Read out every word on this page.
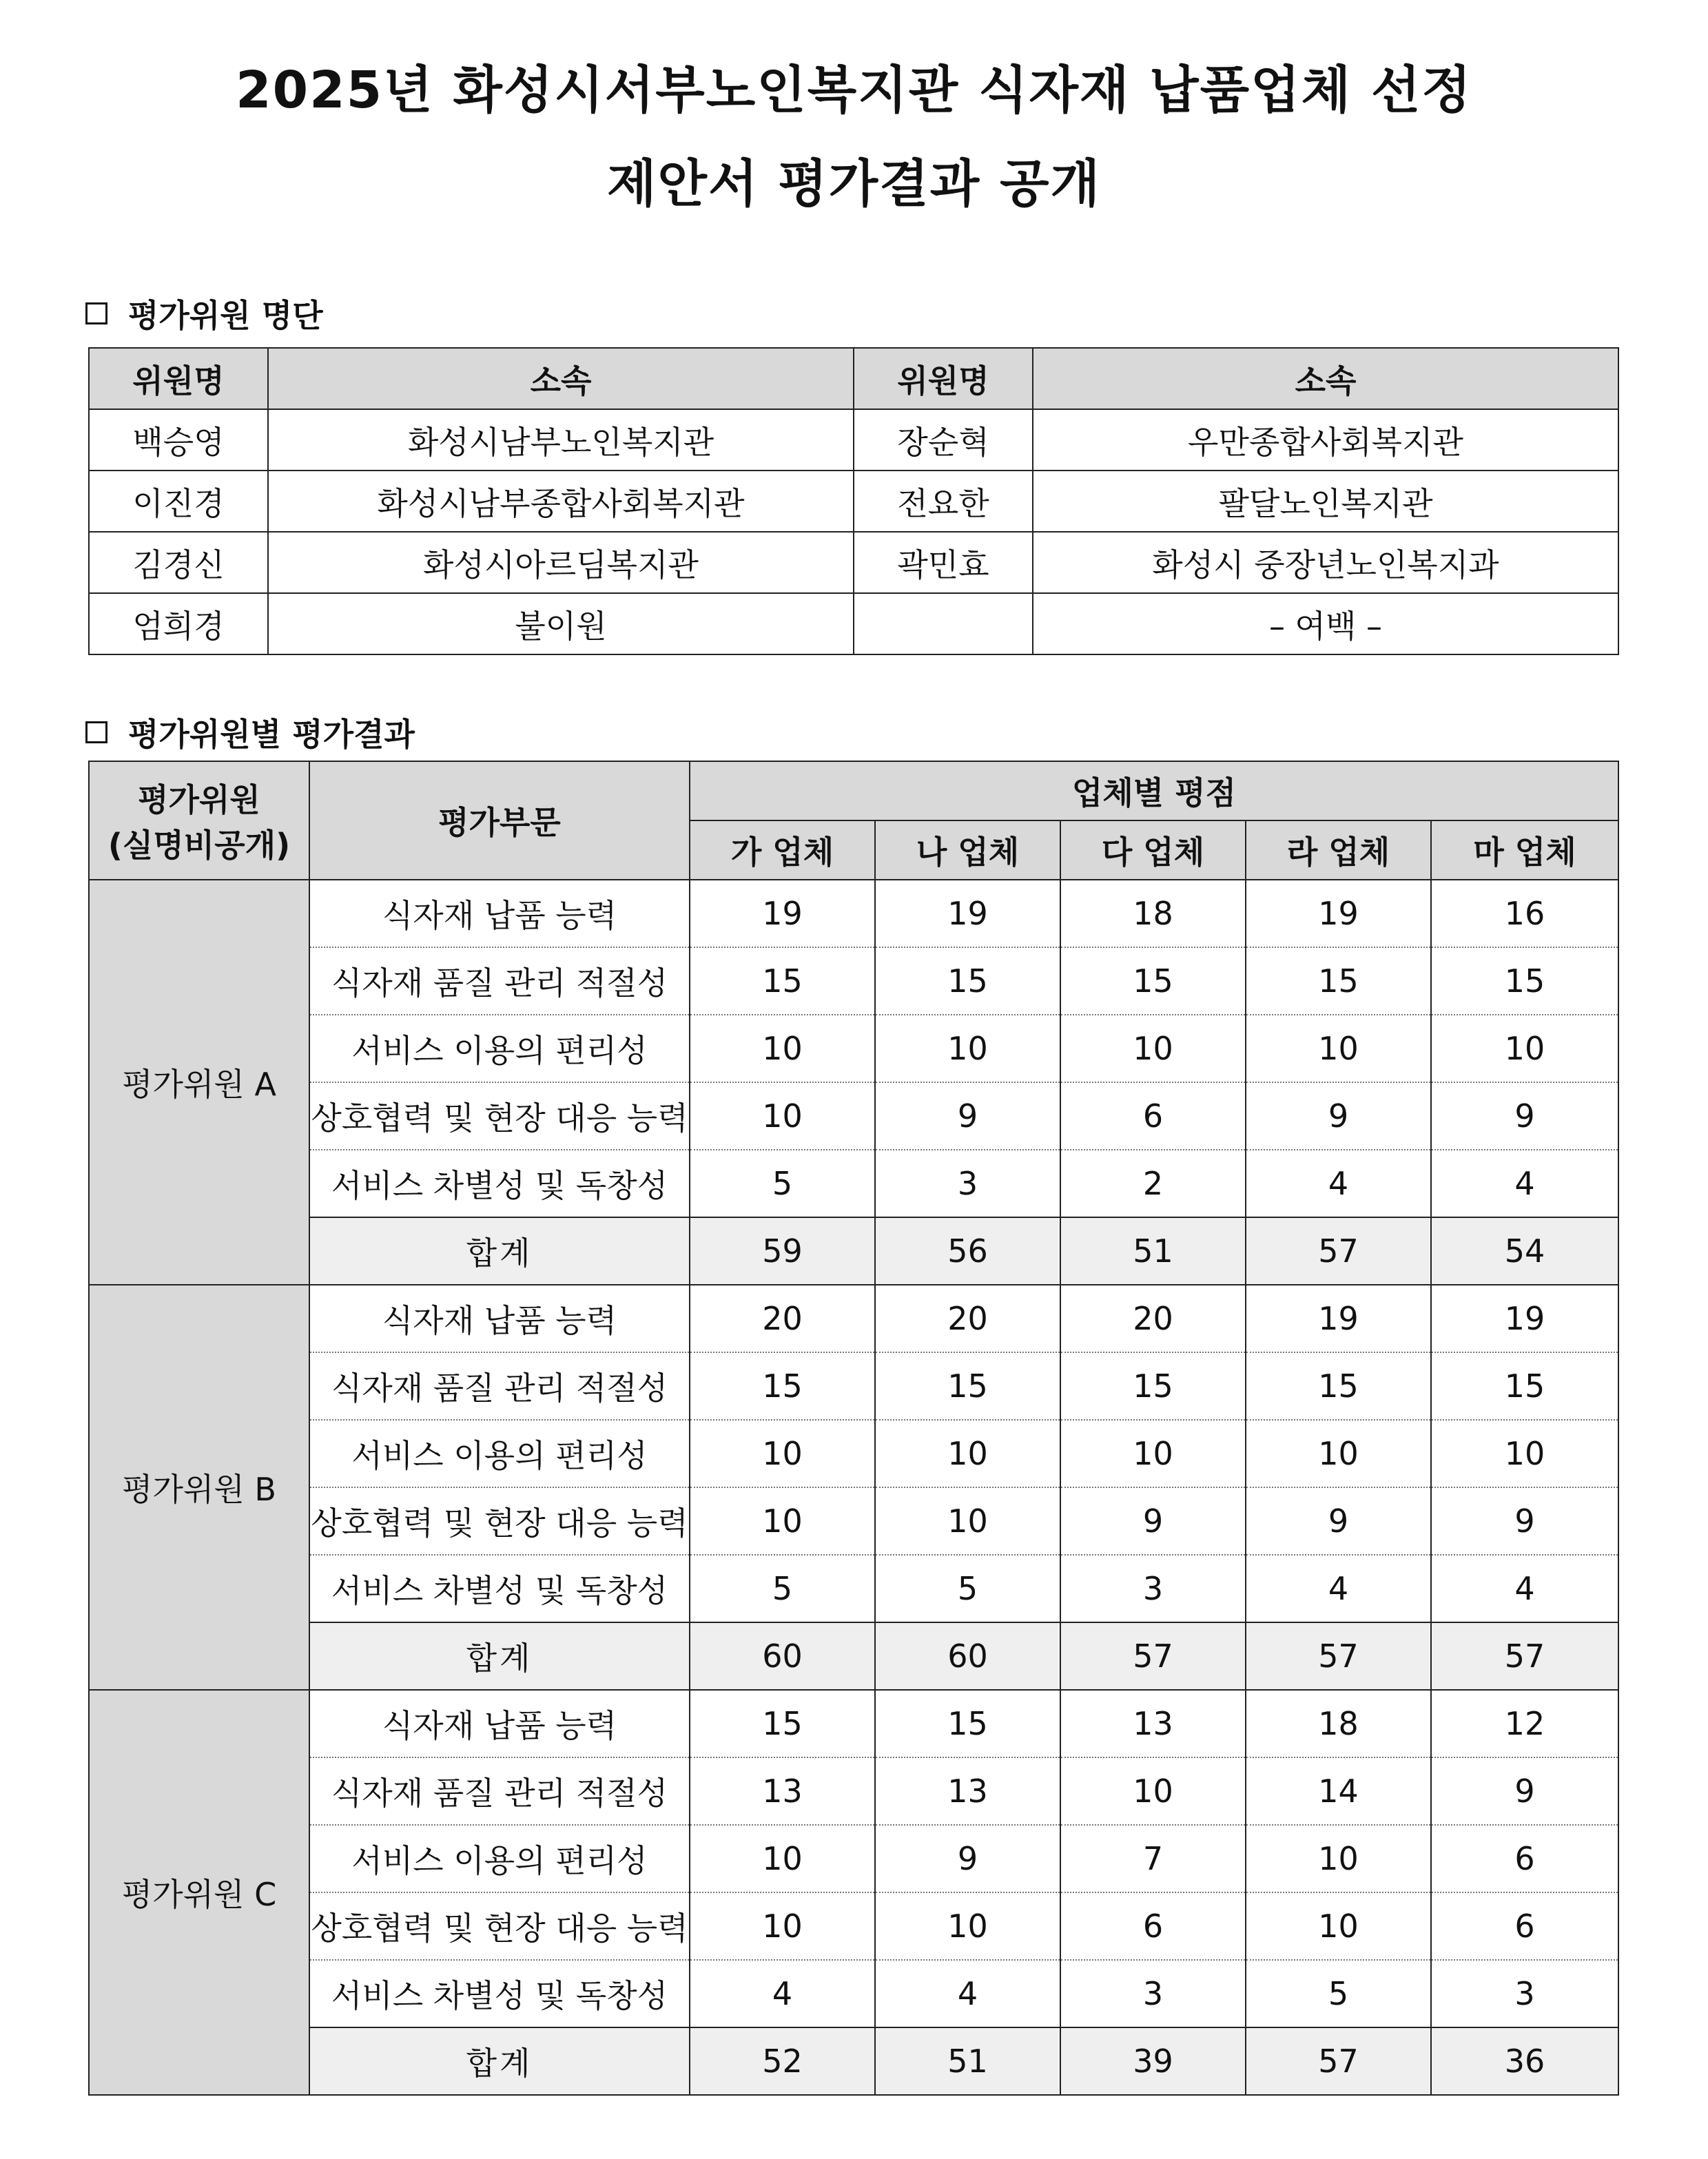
2025년 화성시서부노인복지관 식자재 납품업체 선정
제안서 평가결과 공개
평가위원 명단
위원명	소속	위원명	소속
백승영	화성시남부노인복지관	장순혁	우만종합사회복지관
이진경	화성시남부종합사회복지관	전요한	팔달노인복지관
김경신	화성시아르딤복지관	곽민효	화성시 중장년노인복지과
엄희경	불이원		– 여백 –
평가위원별 평가결과
평가위원
(실명비공개)	평가부문	업체별 평점				
		가 업체	나 업체	다 업체	라 업체	마 업체
평가위원 A	식자재 납품 능력	19	19	18	19	16
	식자재 품질 관리 적절성	15	15	15	15	15
	서비스 이용의 편리성	10	10	10	10	10
	상호협력 및 현장 대응 능력	10	9	6	9	9
	서비스 차별성 및 독창성	5	3	2	4	4
	합계	59	56	51	57	54
평가위원 B	식자재 납품 능력	20	20	20	19	19
	식자재 품질 관리 적절성	15	15	15	15	15
	서비스 이용의 편리성	10	10	10	10	10
	상호협력 및 현장 대응 능력	10	10	9	9	9
	서비스 차별성 및 독창성	5	5	3	4	4
	합계	60	60	57	57	57
평가위원 C	식자재 납품 능력	15	15	13	18	12
	식자재 품질 관리 적절성	13	13	10	14	9
	서비스 이용의 편리성	10	9	7	10	6
	상호협력 및 현장 대응 능력	10	10	6	10	6
	서비스 차별성 및 독창성	4	4	3	5	3
	합계	52	51	39	57	36
